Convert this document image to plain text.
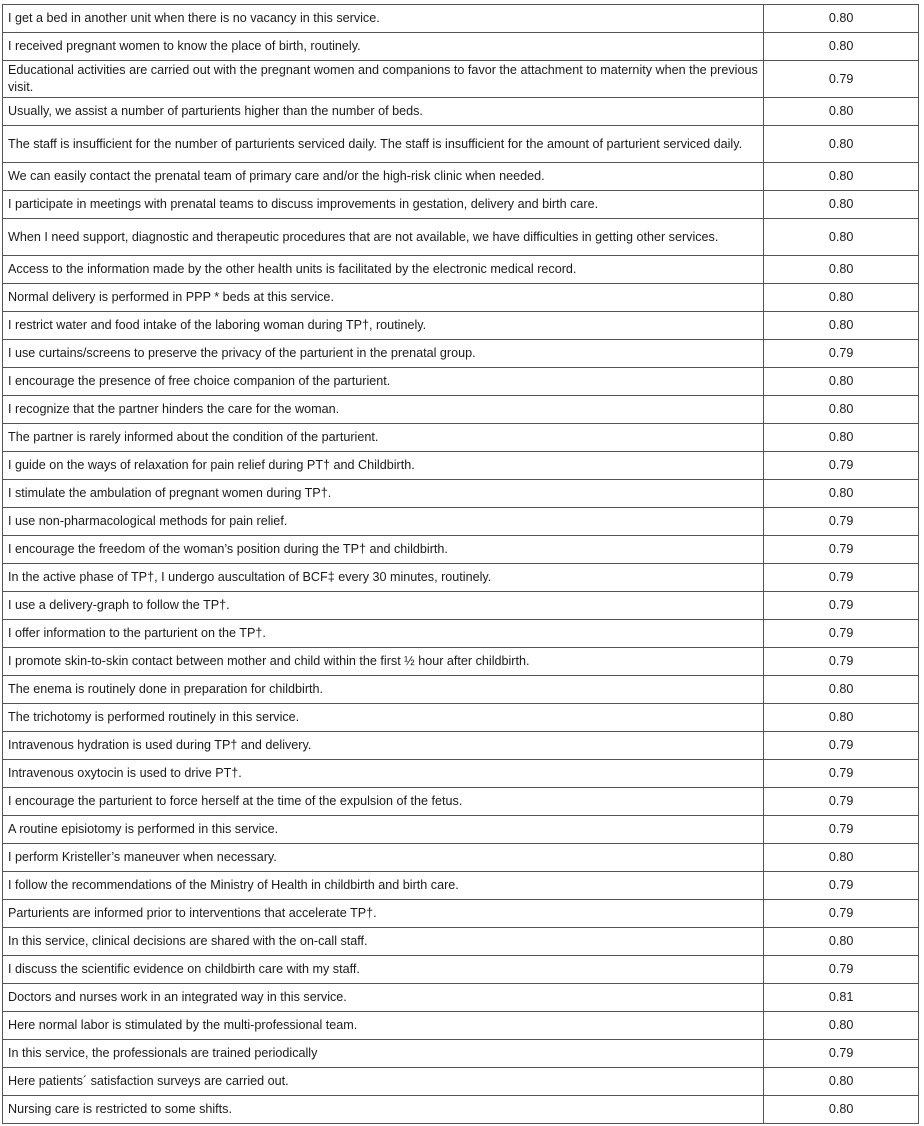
I get a bed in another unit when there is no vacancy in this service.	0.80
I received pregnant women to know the place of birth, routinely.	0.80
Educational activities are carried out with the pregnant women and companions to favor the attachment to maternity when the previous visit.	0.79
Usually, we assist a number of parturients higher than the number of beds.	0.80
The staff is insufficient for the number of parturients serviced daily. The staff is insufficient for the amount of parturient serviced daily.	0.80
We can easily contact the prenatal team of primary care and/or the high-risk clinic when needed.	0.80
I participate in meetings with prenatal teams to discuss improvements in gestation, delivery and birth care.	0.80
When I need support, diagnostic and therapeutic procedures that are not available, we have difficulties in getting other services.	0.80
Access to the information made by the other health units is facilitated by the electronic medical record.	0.80
Normal delivery is performed in PPP * beds at this service.	0.80
I restrict water and food intake of the laboring woman during TP†, routinely.	0.80
I use curtains/screens to preserve the privacy of the parturient in the prenatal group.	0.79
I encourage the presence of free choice companion of the parturient.	0.80
I recognize that the partner hinders the care for the woman.	0.80
The partner is rarely informed about the condition of the parturient.	0.80
I guide on the ways of relaxation for pain relief during PT† and Childbirth.	0.79
I stimulate the ambulation of pregnant women during TP†.	0.80
I use non-pharmacological methods for pain relief.	0.79
I encourage the freedom of the woman’s position during the TP† and childbirth.	0.79
In the active phase of TP†, I undergo auscultation of BCF‡ every 30 minutes, routinely.	0.79
I use a delivery-graph to follow the TP†.	0.79
I offer information to the parturient on the TP†.	0.79
I promote skin-to-skin contact between mother and child within the first ½ hour after childbirth.	0.79
The enema is routinely done in preparation for childbirth.	0.80
The trichotomy is performed routinely in this service.	0.80
Intravenous hydration is used during TP† and delivery.	0.79
Intravenous oxytocin is used to drive PT†.	0.79
I encourage the parturient to force herself at the time of the expulsion of the fetus.	0.79
A routine episiotomy is performed in this service.	0.79
I perform Kristeller’s maneuver when necessary.	0.80
I follow the recommendations of the Ministry of Health in childbirth and birth care.	0.79
Parturients are informed prior to interventions that accelerate TP†.	0.79
In this service, clinical decisions are shared with the on-call staff.	0.80
I discuss the scientific evidence on childbirth care with my staff.	0.79
Doctors and nurses work in an integrated way in this service.	0.81
Here normal labor is stimulated by the multi-professional team.	0.80
In this service, the professionals are trained periodically	0.79
Here patients´ satisfaction surveys are carried out.	0.80
Nursing care is restricted to some shifts.	0.80
